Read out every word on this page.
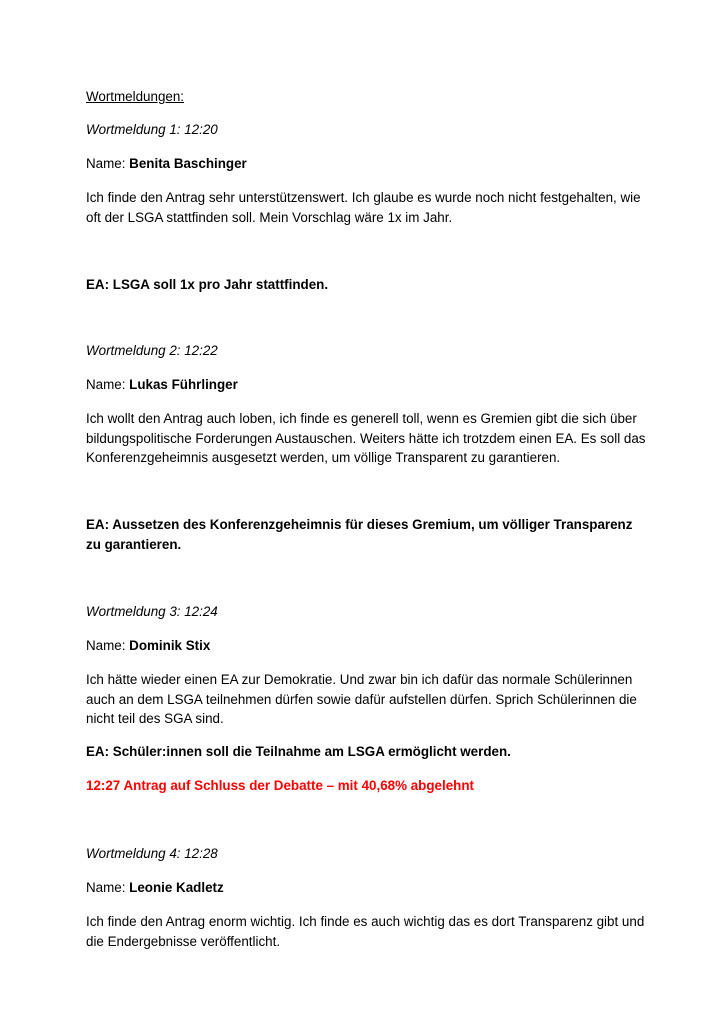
Wortmeldungen:

Wortmeldung 1: 12:20

Name: Benita Baschinger

Ich finde den Antrag sehr unterstützenswert. Ich glaube es wurde noch nicht festgehalten, wie oft der LSGA stattfinden soll. Mein Vorschlag wäre 1x im Jahr.

EA: LSGA soll 1x pro Jahr stattfinden.

Wortmeldung 2: 12:22

Name: Lukas Führlinger

Ich wollt den Antrag auch loben, ich finde es generell toll, wenn es Gremien gibt die sich über bildungspolitische Forderungen Austauschen. Weiters hätte ich trotzdem einen EA. Es soll das Konferenzgeheimnis ausgesetzt werden, um völlige Transparent zu garantieren.

EA: Aussetzen des Konferenzgeheimnis für dieses Gremium, um völliger Transparenz zu garantieren.

Wortmeldung 3: 12:24

Name: Dominik Stix

Ich hätte wieder einen EA zur Demokratie. Und zwar bin ich dafür das normale Schülerinnen auch an dem LSGA teilnehmen dürfen sowie dafür aufstellen dürfen. Sprich Schülerinnen die nicht teil des SGA sind.

EA: Schüler:innen soll die Teilnahme am LSGA ermöglicht werden.

12:27 Antrag auf Schluss der Debatte – mit 40,68% abgelehnt

Wortmeldung 4: 12:28

Name: Leonie Kadletz

Ich finde den Antrag enorm wichtig. Ich finde es auch wichtig das es dort Transparenz gibt und die Endergebnisse veröffentlicht.
